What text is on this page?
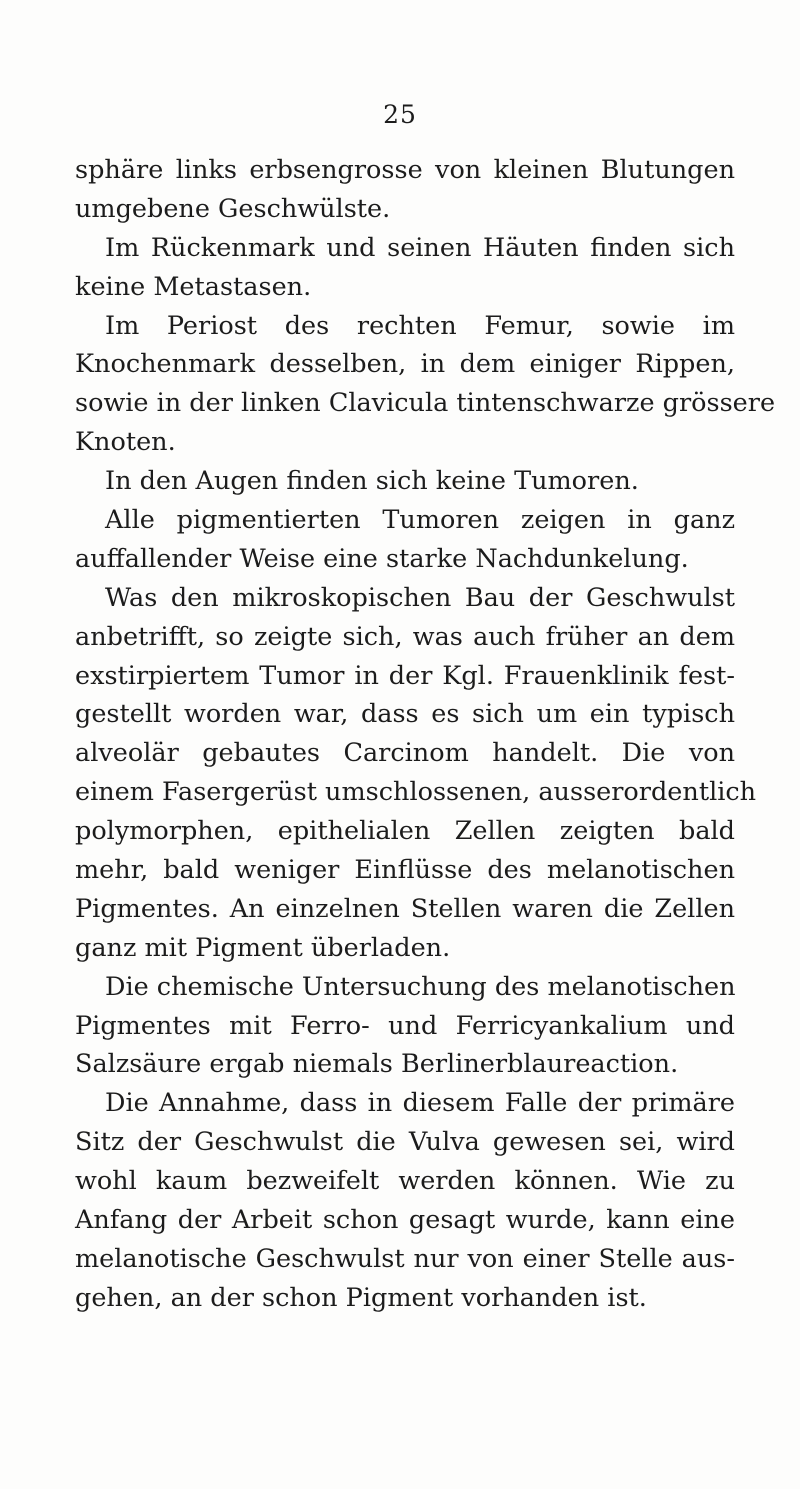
25
sphäre links erbsengrosse von kleinen Blutungen
umgebene Geschwülste.
Im Rückenmark und seinen Häuten finden sich
keine Metastasen.
Im Periost des rechten Femur, sowie im
Knochenmark desselben, in dem einiger Rippen,
sowie in der linken Clavicula tintenschwarze grössere
Knoten.
In den Augen finden sich keine Tumoren.
Alle pigmentierten Tumoren zeigen in ganz
auffallender Weise eine starke Nachdunkelung.
Was den mikroskopischen Bau der Geschwulst
anbetrifft, so zeigte sich, was auch früher an dem
exstirpiertem Tumor in der Kgl. Frauenklinik fest-
gestellt worden war, dass es sich um ein typisch
alveolär gebautes Carcinom handelt. Die von
einem Fasergerüst umschlossenen, ausserordentlich
polymorphen, epithelialen Zellen zeigten bald
mehr, bald weniger Einflüsse des melanotischen
Pigmentes. An einzelnen Stellen waren die Zellen
ganz mit Pigment überladen.
Die chemische Untersuchung des melanotischen
Pigmentes mit Ferro- und Ferricyankalium und
Salzsäure ergab niemals Berlinerblaureaction.
Die Annahme, dass in diesem Falle der primäre
Sitz der Geschwulst die Vulva gewesen sei, wird
wohl kaum bezweifelt werden können. Wie zu
Anfang der Arbeit schon gesagt wurde, kann eine
melanotische Geschwulst nur von einer Stelle aus-
gehen, an der schon Pigment vorhanden ist.
